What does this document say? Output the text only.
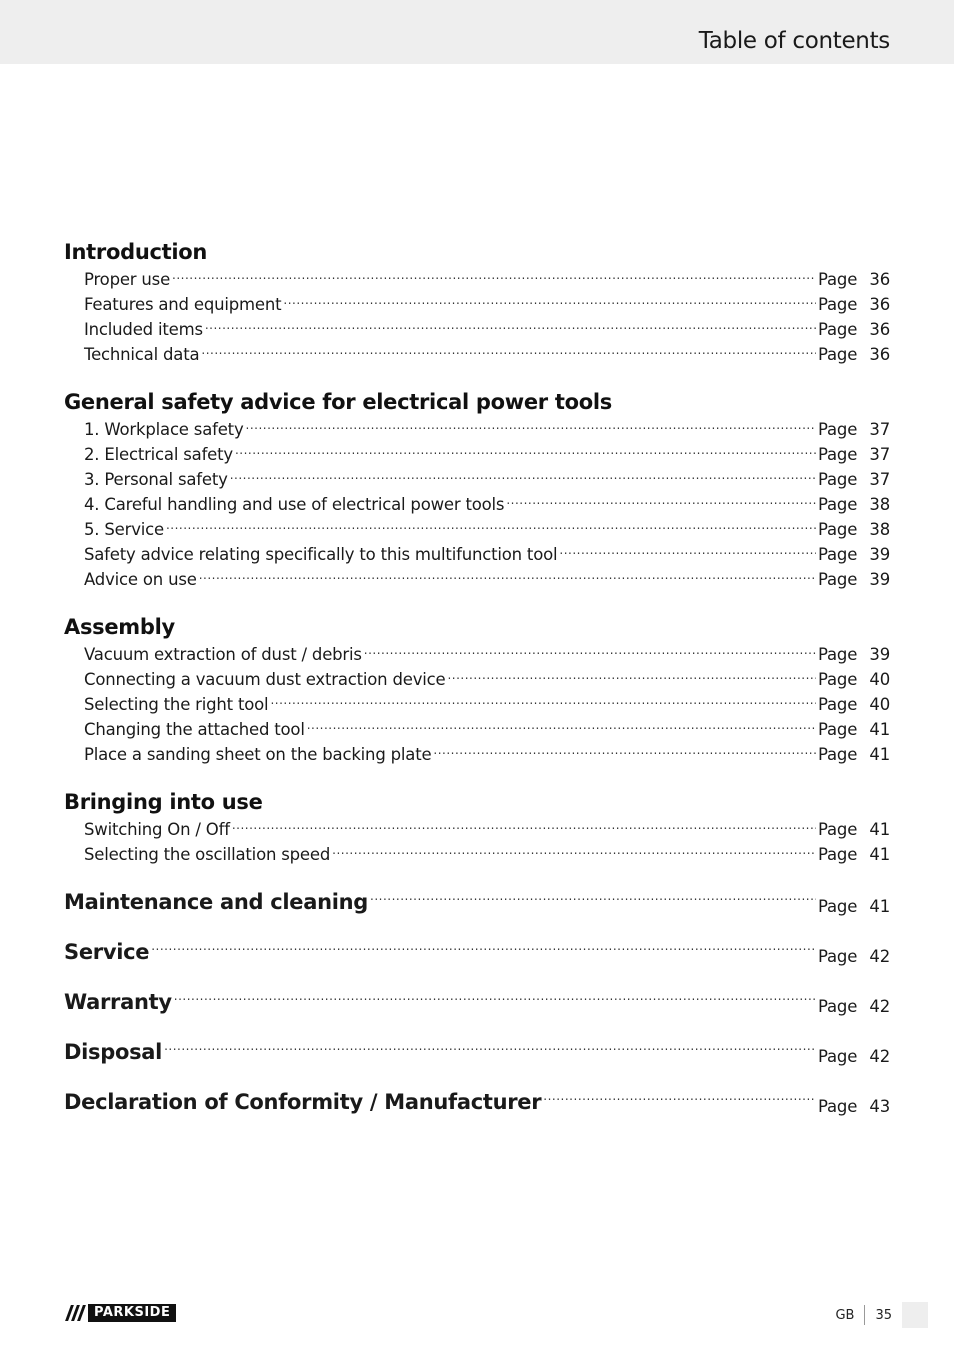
Table of contents
Introduction
Proper use .....	Page 36
Features and equipment .....	Page 36
Included items .....	Page 36
Technical data .....	Page 36
General safety advice for electrical power tools
1. Workplace safety .....	Page 37
2. Electrical safety .....	Page 37
3. Personal safety .....	Page 37
4. Careful handling and use of electrical power tools .....	Page 38
5. Service .....	Page 38
Safety advice relating specifically to this multifunction tool .....	Page 39
Advice on use .....	Page 39
Assembly
Vacuum extraction of dust / debris .....	Page 39
Connecting a vacuum dust extraction device .....	Page 40
Selecting the right tool .....	Page 40
Changing the attached tool .....	Page 41
Place a sanding sheet on the backing plate .....	Page 41
Bringing into use
Switching On / Off .....	Page 41
Selecting the oscillation speed .....	Page 41
Maintenance and cleaning .....	Page 41
Service .....	Page 42
Warranty .....	Page 42
Disposal .....	Page 42
Declaration of Conformity / Manufacturer .....	Page 43
PARKSIDE	GB	35
